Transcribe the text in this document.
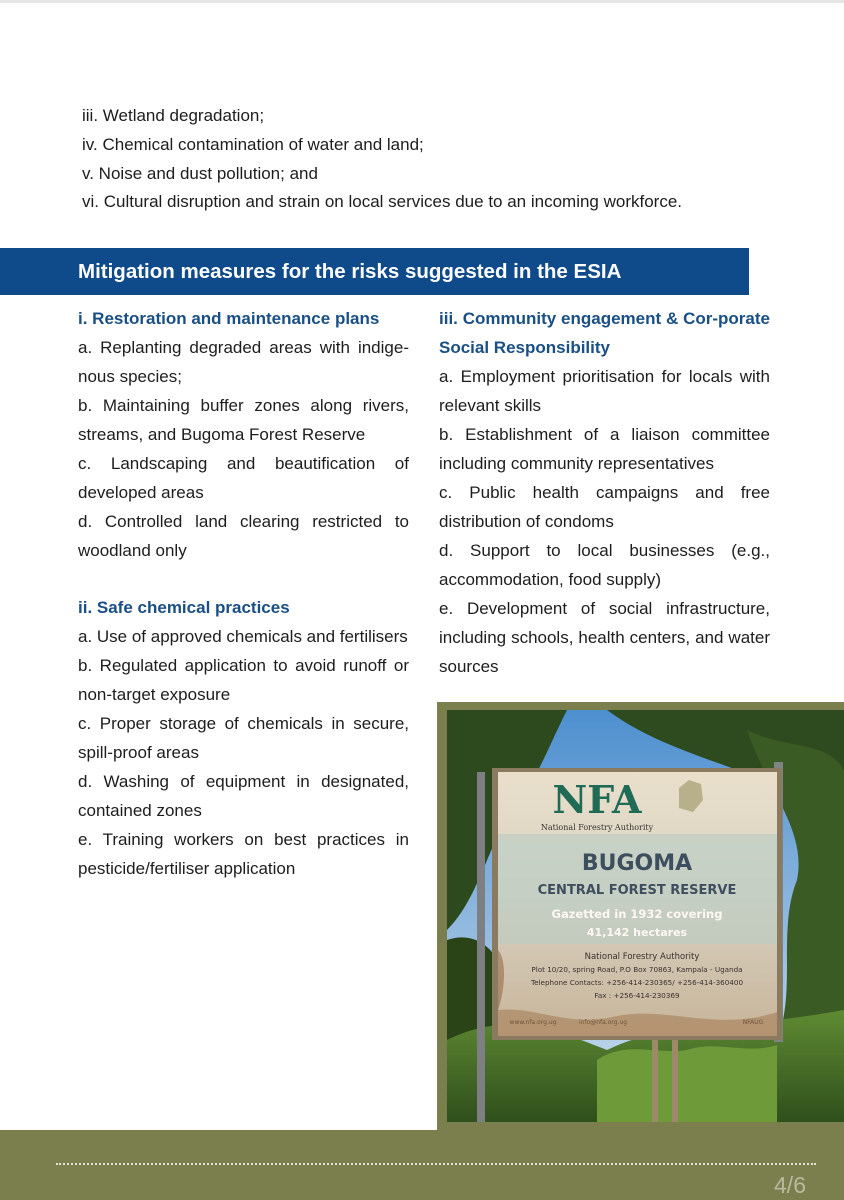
iii. Wetland degradation;
iv. Chemical contamination of water and land;
v. Noise and dust pollution; and
vi. Cultural disruption and strain on local services due to an incoming workforce.
Mitigation measures for the risks suggested in the ESIA

i. Restoration and maintenance plans

a. Replanting degraded areas with indige-nous species;

b. Maintaining buffer zones along rivers, streams, and Bugoma Forest Reserve

c. Landscaping and beautification of developed areas

d. Controlled land clearing restricted to woodland only

ii. Safe chemical practices

a. Use of approved chemicals and fertilisers

b. Regulated application to avoid runoff or non-target exposure

c. Proper storage of chemicals in secure, spill-proof areas

d. Washing of equipment in designated, contained zones

e. Training workers on best practices in pesticide/fertiliser application

iii. Community engagement & Cor-porate Social Responsibility

a. Employment prioritisation for locals with relevant skills

b. Establishment of a liaison committee including community representatives

c. Public health campaigns and free distribution of condoms

d. Support to local businesses (e.g., accommodation, food supply)

e. Development of social infrastructure, including schools, health centers, and water sources

NFA
National Forestry Authority
BUGOMA
CENTRAL FOREST RESERVE
Gazetted in 1932 covering
41,142 hectares
National Forestry Authority
Plot 10/20, spring Road, P.O Box 70863, Kampala - Uganda
Telephone Contacts: +256-414-230365/ +256-414-360400
Fax : +256-414-230369
www.nfa.org.ug	info@nfa.org.ug	NFAUG
4/6
